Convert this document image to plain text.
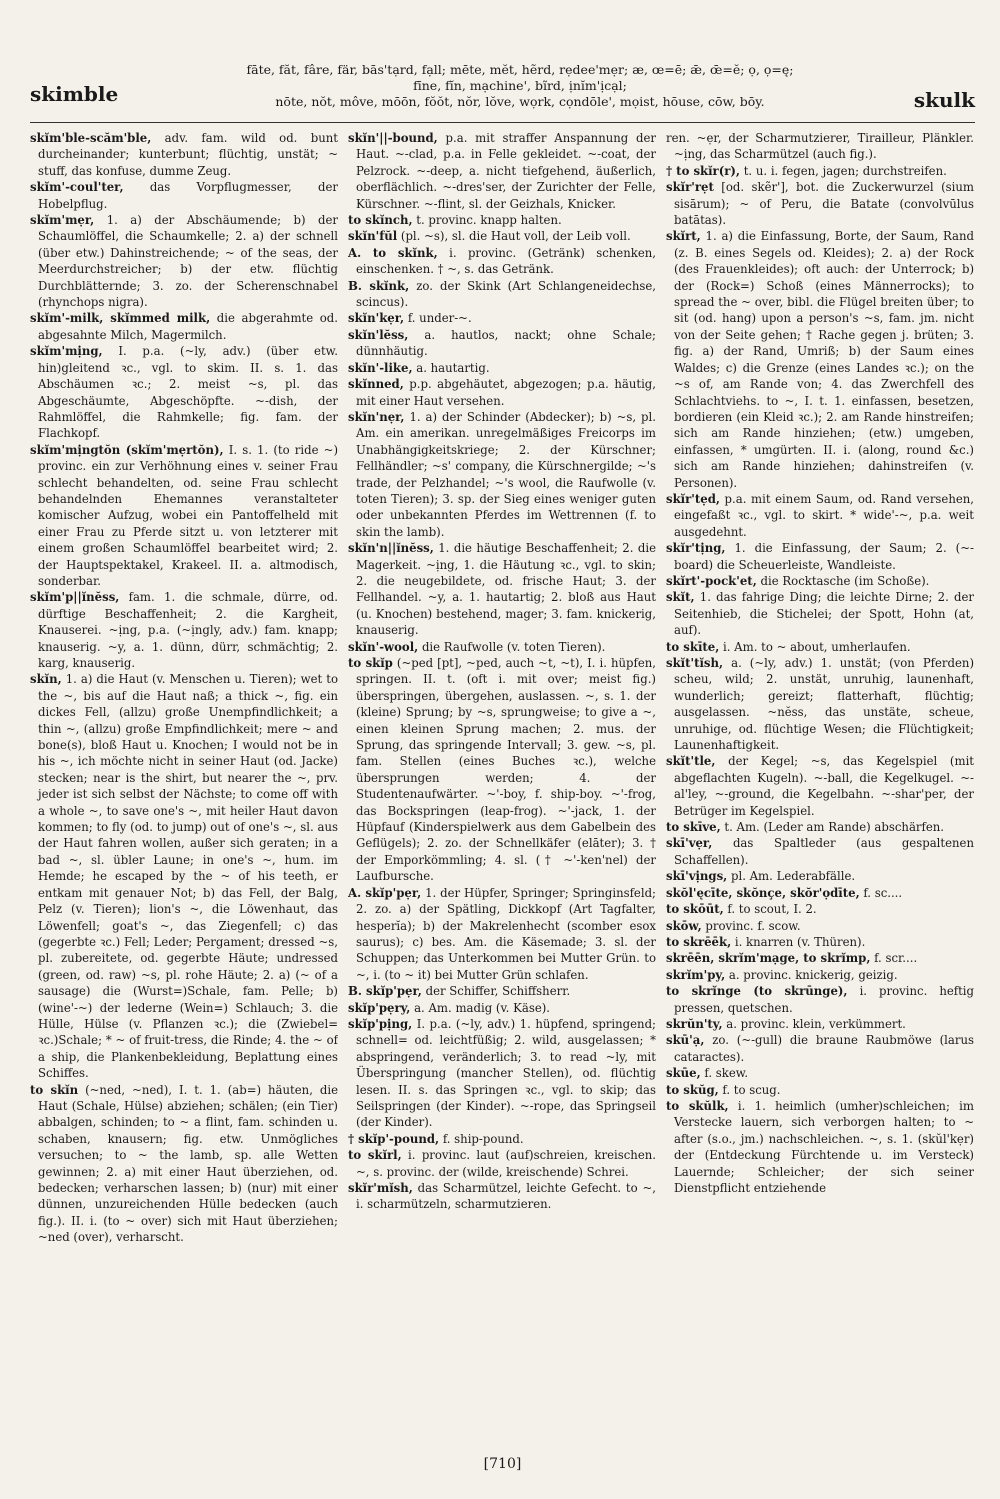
skimble
fāte, făt, fâre, fär, bās'tạrd, fạll; mēte, mĕt, hẽrd, rẹdee'mẹr; æ, œ=ē; ǣ, œ̄=ĕ; ọ, ọ=ę;
fīne, fĭn, mạchine', bĩrd, ịnĭm'ịcạl;
nōte, nŏt, môve, mōōn, fŏŏt, nŏr, lŏve, wọrk, cọndōle', mọist, hōuse, cōw, bōy.	skulk

skĭm'ble-scăm'ble, adv. fam. wild od. bunt durcheinander; kunterbunt; flüchtig, unstät; ~ stuff, das konfuse, dumme Zeug.

skĭm'-coul'ter, das Vorpflugmesser, der Hobelpflug.

skĭm'mẹr, 1. a) der Abschäumende; b) der Schaumlöffel, die Schaumkelle; 2. a) der schnell (über etw.) Dahinstreichende; ~ of the seas, der Meerdurchstreicher; b) der etw. flüchtig Durchblätternde; 3. zo. der Scherenschnabel (rhynchops nigra).

skĭm'-milk, skĭmmed milk, die abgerahmte od. abgesahnte Milch, Magermilch.

skĭm'mịng, I. p.a. (~ly, adv.) (über etw. hin)gleitend ꝛc., vgl. to skim. II. s. 1. das Abschäumen ꝛc.; 2. meist ~s, pl. das Abgeschäumte, Abgeschöpfte. ~-dish, der Rahmlöffel, die Rahmkelle; fig. fam. der Flachkopf.

skĭm'mịngtŏn (skĭm'mẹrtŏn), I. s. 1. (to ride ~) provinc. ein zur Verhöhnung eines v. seiner Frau schlecht behandelten, od. seine Frau schlecht behandelnden Ehemannes veranstalteter komischer Aufzug, wobei ein Pantoffelheld mit einer Frau zu Pferde sitzt u. von letzterer mit einem großen Schaumlöffel bearbeitet wird; 2. der Hauptspektakel, Krakeel. II. a. altmodisch, sonderbar.

skĭm'p||ĭnĕss, fam. 1. die schmale, dürre, od. dürftige Beschaffenheit; 2. die Kargheit, Knauserei. ~ịng, p.a. (~ịngly, adv.) fam. knapp; knauserig. ~y, a. 1. dünn, dürr, schmächtig; 2. karg, knauserig.

skĭn, 1. a) die Haut (v. Menschen u. Tieren); wet to the ~, bis auf die Haut naß; a thick ~, fig. ein dickes Fell, (allzu) große Unempfindlichkeit; a thin ~, (allzu) große Empfindlichkeit; mere ~ and bone(s), bloß Haut u. Knochen; I would not be in his ~, ich möchte nicht in seiner Haut (od. Jacke) stecken; near is the shirt, but nearer the ~, prv. jeder ist sich selbst der Nächste; to come off with a whole ~, to save one's ~, mit heiler Haut davon kommen; to fly (od. to jump) out of one's ~, sl. aus der Haut fahren wollen, außer sich geraten; in a bad ~, sl. übler Laune; in one's ~, hum. im Hemde; he escaped by the ~ of his teeth, er entkam mit genauer Not; b) das Fell, der Balg, Pelz (v. Tieren); lion's ~, die Löwenhaut, das Löwenfell; goat's ~, das Ziegenfell; c) das (gegerbte ꝛc.) Fell; Leder; Pergament; dressed ~s, pl. zubereitete, od. gegerbte Häute; undressed (green, od. raw) ~s, pl. rohe Häute; 2. a) (~ of a sausage) die (Wurst=)Schale, fam. Pelle; b) (wine'-~) der lederne (Wein=) Schlauch; 3. die Hülle, Hülse (v. Pflanzen ꝛc.); die (Zwiebel= ꝛc.)Schale; * ~ of fruit-tress, die Rinde; 4. the ~ of a ship, die Plankenbekleidung, Beplattung eines Schiffes.

to skĭn (~ned, ~ned), I. t. 1. (ab=) häuten, die Haut (Schale, Hülse) abziehen; schälen; (ein Tier) abbalgen, schinden; to ~ a flint, fam. schinden u. schaben, knausern; fig. etw. Unmögliches versuchen; to ~ the lamb, sp. alle Wetten gewinnen; 2. a) mit einer Haut überziehen, od. bedecken; verharschen lassen; b) (nur) mit einer dünnen, unzureichenden Hülle bedecken (auch fig.). II. i. (to ~ over) sich mit Haut überziehen; ~ned (over), verharscht.

skĭn'||-bound, p.a. mit straffer Anspannung der Haut. ~-clad, p.a. in Felle gekleidet. ~-coat, der Pelzrock. ~-deep, a. nicht tiefgehend, äußerlich, oberflächlich. ~-dres'ser, der Zurichter der Felle, Kürschner. ~-flint, sl. der Geizhals, Knicker.

to skĭnch, t. provinc. knapp halten.

skĭn'fŭl (pl. ~s), sl. die Haut voll, der Leib voll.

A. to skĭnk, i. provinc. (Getränk) schenken, einschenken. † ~, s. das Getränk.

B. skĭnk, zo. der Skink (Art Schlangeneidechse, scincus).

skĭn'kẹr, f. under-~.

skĭn'lĕss, a. hautlos, nackt; ohne Schale; dünnhäutig.

skĭn'-like, a. hautartig.

skĭnned, p.p. abgehäutet, abgezogen; p.a. häutig, mit einer Haut versehen.

skĭn'nẹr, 1. a) der Schinder (Abdecker); b) ~s, pl. Am. ein amerikan. unregelmäßiges Freicorps im Unabhängigkeitskriege; 2. der Kürschner; Fellhändler; ~s' company, die Kürschnergilde; ~'s trade, der Pelzhandel; ~'s wool, die Raufwolle (v. toten Tieren); 3. sp. der Sieg eines weniger guten oder unbekannten Pferdes im Wettrennen (f. to skin the lamb).

skĭn'n||ĭnĕss, 1. die häutige Beschaffenheit; 2. die Magerkeit. ~ịng, 1. die Häutung ꝛc., vgl. to skin; 2. die neugebildete, od. frische Haut; 3. der Fellhandel. ~y, a. 1. hautartig; 2. bloß aus Haut (u. Knochen) bestehend, mager; 3. fam. knickerig, knauserig.

skĭn'-wool, die Raufwolle (v. toten Tieren).

to skĭp (~ped [pt], ~ped, auch ~t, ~t), I. i. hüpfen, springen. II. t. (oft i. mit over; meist fig.) überspringen, übergehen, auslassen. ~, s. 1. der (kleine) Sprung; by ~s, sprungweise; to give a ~, einen kleinen Sprung machen; 2. mus. der Sprung, das springende Intervall; 3. gew. ~s, pl. fam. Stellen (eines Buches ꝛc.), welche übersprungen werden; 4. der Studentenaufwärter. ~'-boy, f. ship-boy. ~'-frog, das Bockspringen (leap-frog). ~'-jack, 1. der Hüpfauf (Kinderspielwerk aus dem Gabelbein des Geflügels); 2. zo. der Schnellkäfer (elāter); 3. † der Emporkömmling; 4. sl. († ~'-ken'nel) der Laufbursche.

A. skĭp'pẹr, 1. der Hüpfer, Springer; Springinsfeld; 2. zo. a) der Spätling, Dickkopf (Art Tagfalter, hesperĭa); b) der Makrelenhecht (scomber esox saurus); c) bes. Am. die Käsemade; 3. sl. der Schuppen; das Unterkommen bei Mutter Grün. to ~, i. (to ~ it) bei Mutter Grün schlafen.

B. skĭp'pẹr, der Schiffer, Schiffsherr.

skĭp'pẹry, a. Am. madig (v. Käse).

skĭp'pịng, I. p.a. (~ly, adv.) 1. hüpfend, springend; schnell= od. leichtfüßig; 2. wild, ausgelassen; * abspringend, veränderlich; 3. to read ~ly, mit Überspringung (mancher Stellen), od. flüchtig lesen. II. s. das Springen ꝛc., vgl. to skip; das Seilspringen (der Kinder). ~-rope, das Springseil (der Kinder).

† skĭp'-pound, f. ship-pound.

to skĭrl, i. provinc. laut (auf)schreien, kreischen. ~, s. provinc. der (wilde, kreischende) Schrei.

skĭr'mĭsh, das Scharmützel, leichte Gefecht. to ~, i. scharmützeln, scharmutzieren.

ren. ~ẹr, der Scharmutzierer, Tirailleur, Plänkler. ~ịng, das Scharmützel (auch fig.).

† to skĭr(r), t. u. i. fegen, jagen; durchstreifen.

skĭr'rẹt [od. skẽr'], bot. die Zuckerwurzel (sium sisārum); ~ of Peru, die Batate (convolvūlus batātas).

skĭrt, 1. a) die Einfassung, Borte, der Saum, Rand (z. B. eines Segels od. Kleides); 2. a) der Rock (des Frauenkleides); oft auch: der Unterrock; b) der (Rock=) Schoß (eines Männerrocks); to spread the ~ over, bibl. die Flügel breiten über; to sit (od. hang) upon a person's ~s, fam. jm. nicht von der Seite gehen; † Rache gegen j. brüten; 3. fig. a) der Rand, Umriß; b) der Saum eines Waldes; c) die Grenze (eines Landes ꝛc.); on the ~s of, am Rande von; 4. das Zwerchfell des Schlachtviehs. to ~, I. t. 1. einfassen, besetzen, bordieren (ein Kleid ꝛc.); 2. am Rande hinstreifen; sich am Rande hinziehen; (etw.) umgeben, einfassen, * umgürten. II. i. (along, round &c.) sich am Rande hinziehen; dahinstreifen (v. Personen).

skĭr'tẹd, p.a. mit einem Saum, od. Rand versehen, eingefaßt ꝛc., vgl. to skirt. * wide'-~, p.a. weit ausgedehnt.

skĭr'tịng, 1. die Einfassung, der Saum; 2. (~-board) die Scheuerleiste, Wandleiste.

skĭrt'-pock'et, die Rocktasche (im Schoße).

skĭt, 1. das fahrige Ding; die leichte Dirne; 2. der Seitenhieb, die Stichelei; der Spott, Hohn (at, auf).

to skīte, i. Am. to ~ about, umherlaufen.

skĭt'tĭsh, a. (~ly, adv.) 1. unstät; (von Pferden) scheu, wild; 2. unstät, unruhig, launenhaft, wunderlich; gereizt; flatterhaft, flüchtig; ausgelassen. ~nĕss, das unstäte, scheue, unruhige, od. flüchtige Wesen; die Flüchtigkeit; Launenhaftigkeit.

skĭt'tle, der Kegel; ~s, das Kegelspiel (mit abgeflachten Kugeln). ~-ball, die Kegelkugel. ~-al'ley, ~-ground, die Kegelbahn. ~-shar'per, der Betrüger im Kegelspiel.

to skīve, t. Am. (Leder am Rande) abschärfen.

skī'vẹr, das Spaltleder (aus gespaltenen Schaffellen).

skī'vịngs, pl. Am. Lederabfälle.

skŏl'ęcīte, skŏnçe, skŏr'ọdīte, f. sc....

to skōūt, f. to scout, I. 2.

skōw, provinc. f. scow.

to skrēēk, i. knarren (v. Thüren).

skrēēn, skrĭm'mạge, to skrĭmp, f. scr....

skrĭm'py, a. provinc. knickerig, geizig.

to skrĭnge (to skrūnge), i. provinc. heftig pressen, quetschen.

skrŭn'ty, a. provinc. klein, verkümmert.

skū'ạ, zo. (~-gull) die braune Raubmöwe (larus cataractes).

skūe, f. skew.

to skŭg, f. to scug.

to skŭlk, i. 1. heimlich (umher)schleichen; im Verstecke lauern, sich verborgen halten; to ~ after (s.o., jm.) nachschleichen. ~, s. 1. (skŭl'kẹr) der (Entdeckung Fürchtende u. im Versteck) Lauernde; Schleicher; der sich seiner Dienstpflicht entziehende

[710]
